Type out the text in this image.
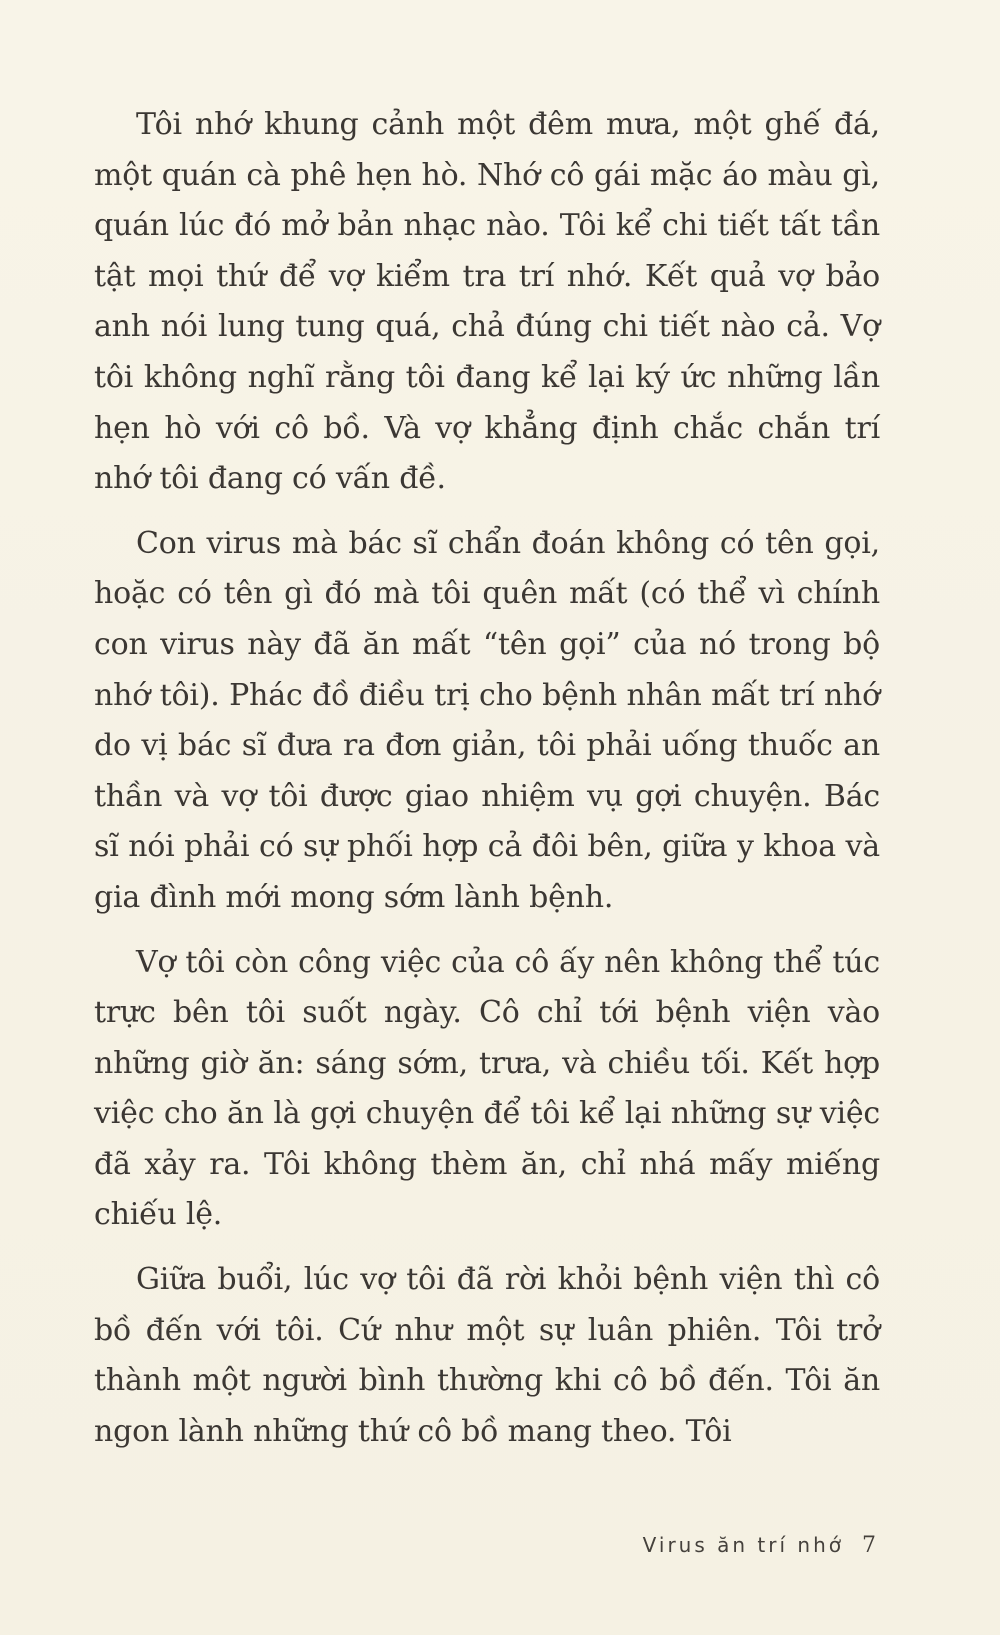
Tôi nhớ khung cảnh một đêm mưa, một ghế đá, một quán cà phê hẹn hò. Nhớ cô gái mặc áo màu gì, quán lúc đó mở bản nhạc nào. Tôi kể chi tiết tất tần tật mọi thứ để vợ kiểm tra trí nhớ. Kết quả vợ bảo anh nói lung tung quá, chả đúng chi tiết nào cả. Vợ tôi không nghĩ rằng tôi đang kể lại ký ức những lần hẹn hò với cô bồ. Và vợ khẳng định chắc chắn trí nhớ tôi đang có vấn đề.

Con virus mà bác sĩ chẩn đoán không có tên gọi, hoặc có tên gì đó mà tôi quên mất (có thể vì chính con virus này đã ăn mất “tên gọi” của nó trong bộ nhớ tôi). Phác đồ điều trị cho bệnh nhân mất trí nhớ do vị bác sĩ đưa ra đơn giản, tôi phải uống thuốc an thần và vợ tôi được giao nhiệm vụ gợi chuyện. Bác sĩ nói phải có sự phối hợp cả đôi bên, giữa y khoa và gia đình mới mong sớm lành bệnh.

Vợ tôi còn công việc của cô ấy nên không thể túc trực bên tôi suốt ngày. Cô chỉ tới bệnh viện vào những giờ ăn: sáng sớm, trưa, và chiều tối. Kết hợp việc cho ăn là gợi chuyện để tôi kể lại những sự việc đã xảy ra. Tôi không thèm ăn, chỉ nhá mấy miếng chiếu lệ.

Giữa buổi, lúc vợ tôi đã rời khỏi bệnh viện thì cô bồ đến với tôi. Cứ như một sự luân phiên. Tôi trở thành một người bình thường khi cô bồ đến. Tôi ăn ngon lành những thứ cô bồ mang theo. Tôi

Virus ăn trí nhớ 7
